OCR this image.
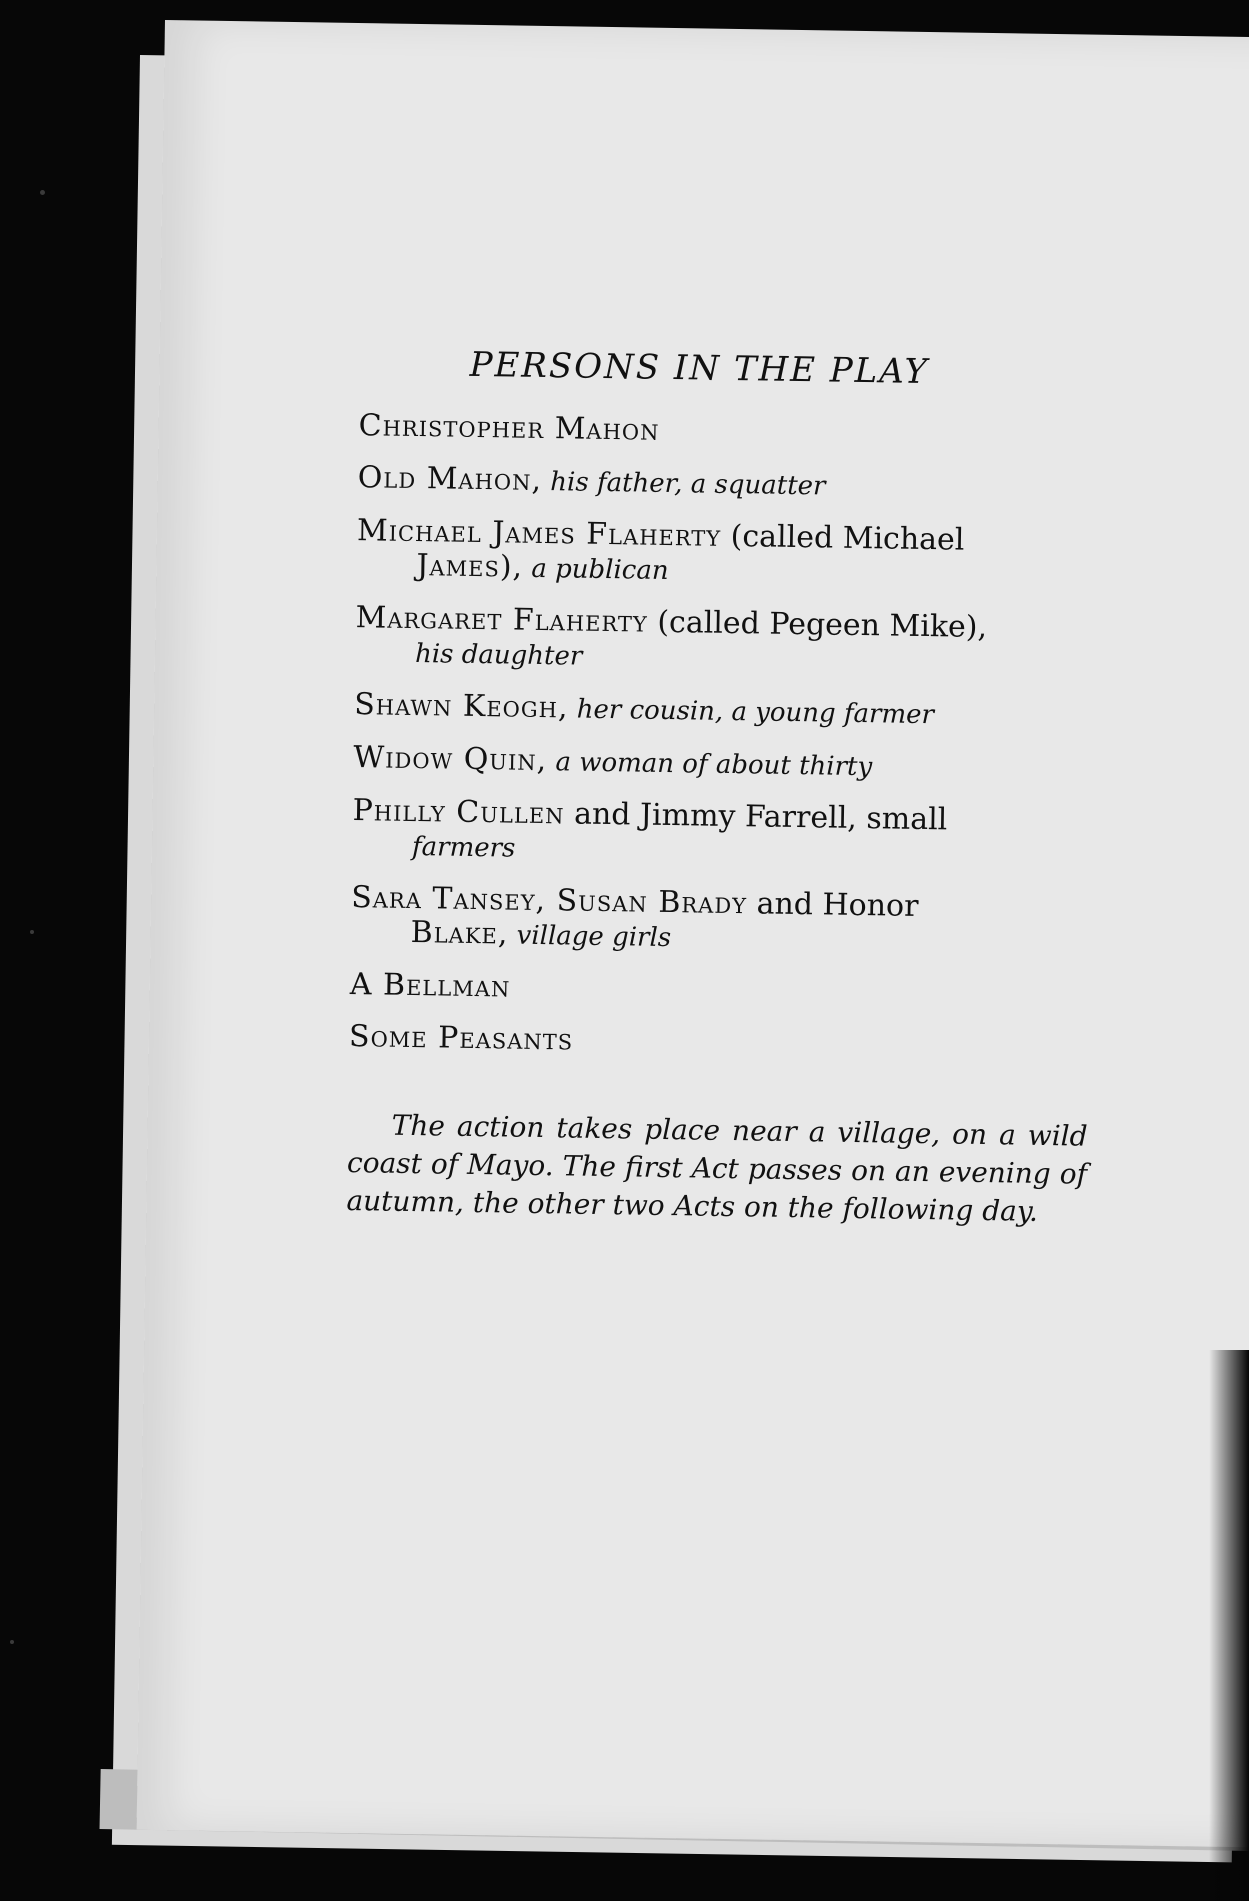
PERSONS IN THE PLAY
Christopher Mahon
Old Mahon, his father, a squatter
Michael James Flaherty (called Michael
James), a publican
Margaret Flaherty (called Pegeen Mike),
his daughter
Shawn Keogh, her cousin, a young farmer
Widow Quin, a woman of about thirty
Philly Cullen and Jimmy Farrell, small
farmers
Sara Tansey, Susan Brady and Honor
Blake, village girls
A Bellman
Some Peasants

The action takes place near a village, on a wild coast of Mayo. The first Act passes on an evening of autumn, the other two Acts on the following day.
